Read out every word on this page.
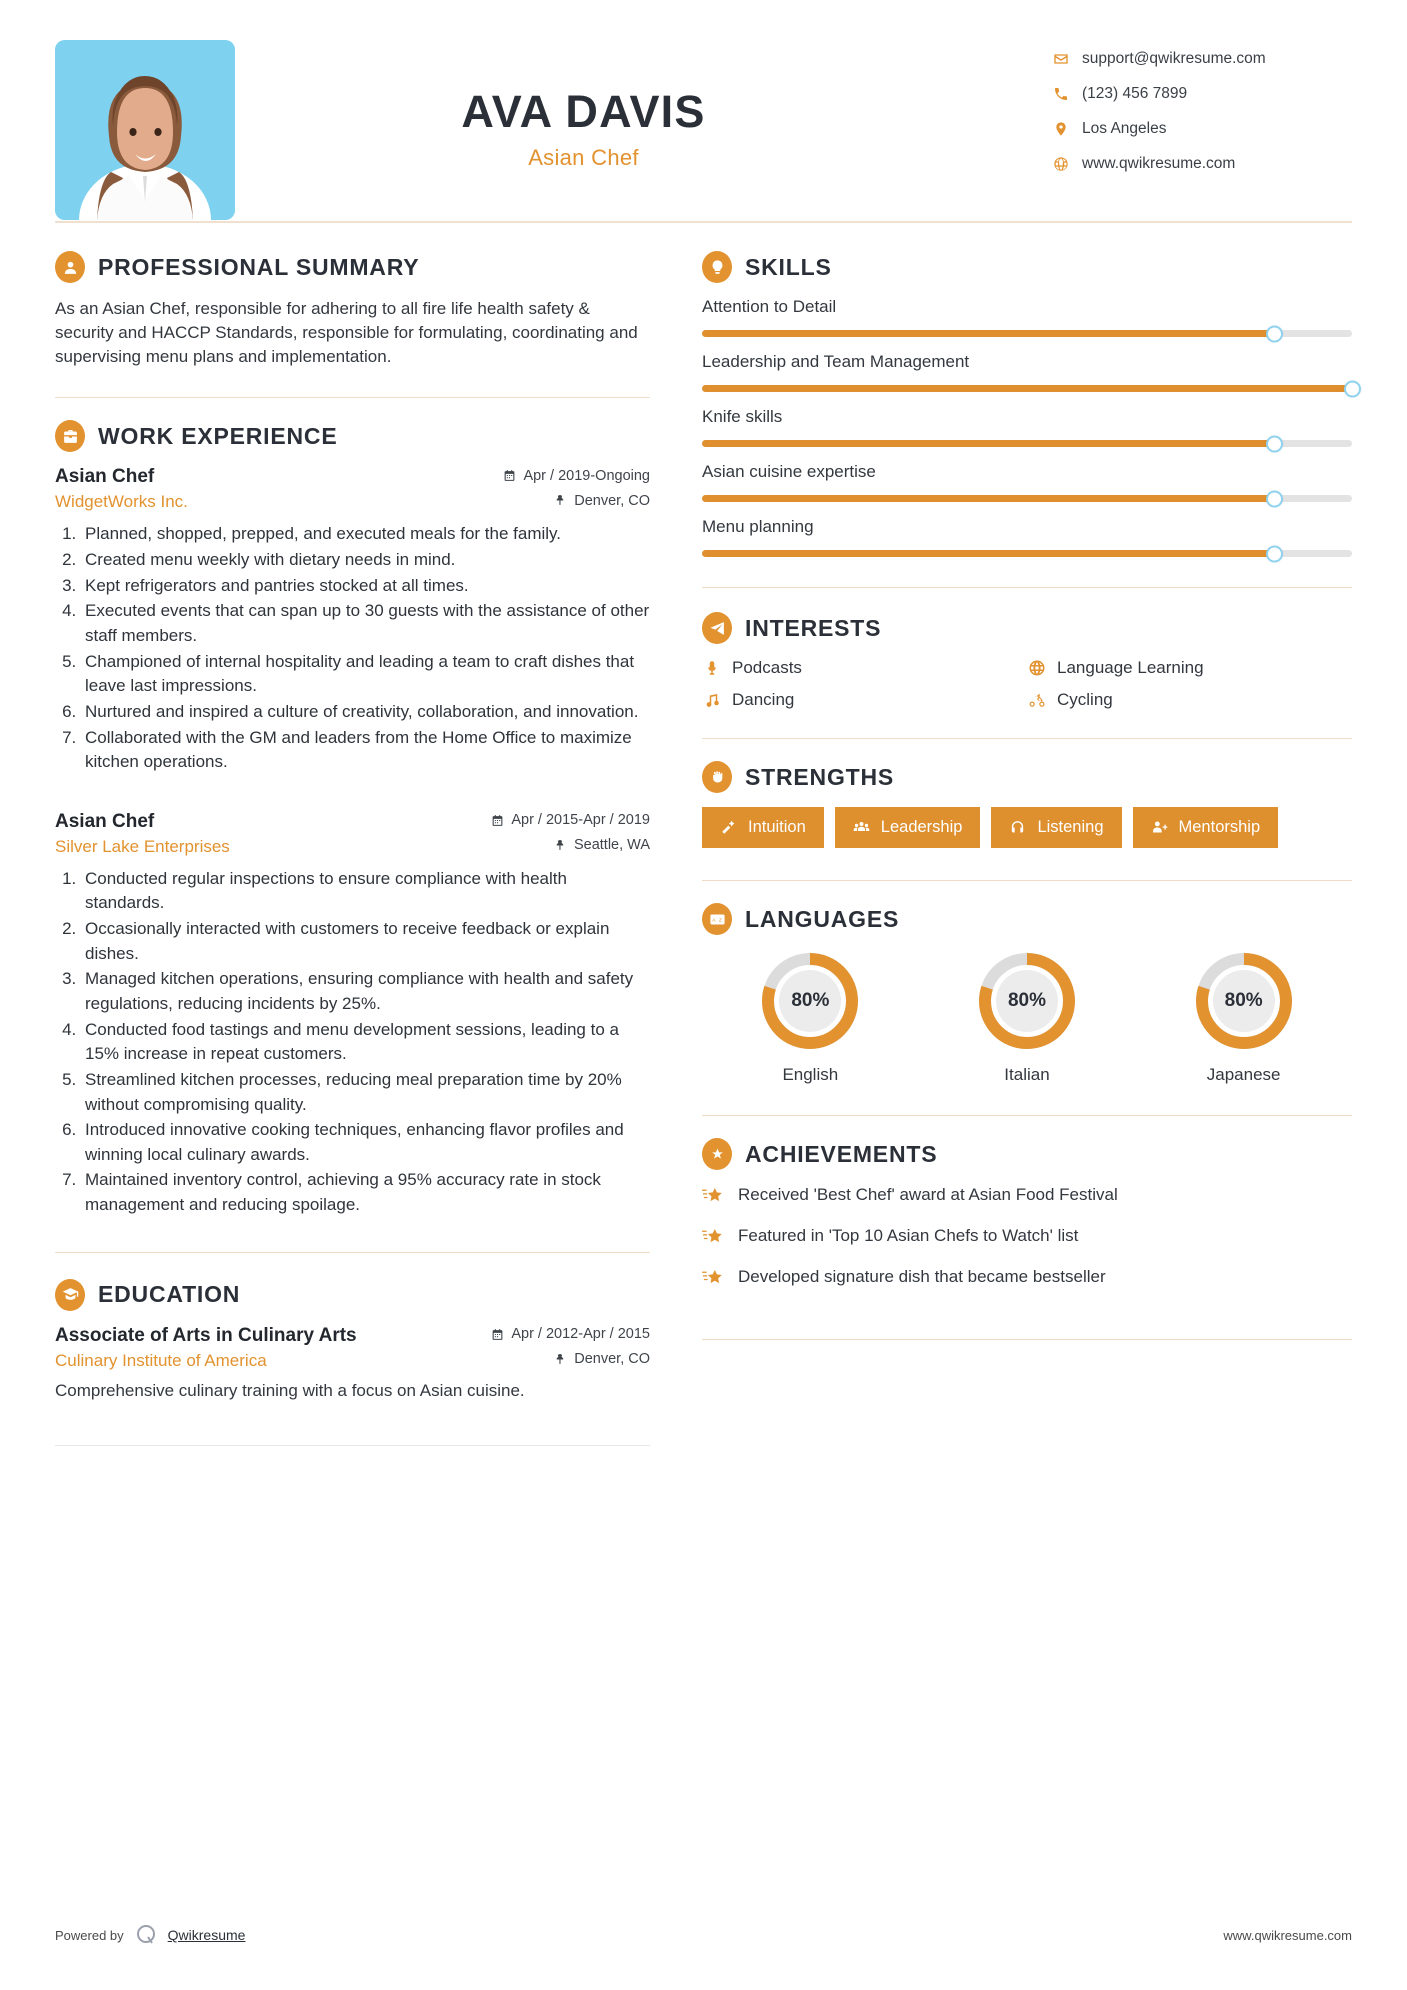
AVA DAVIS
Asian Chef
support@qwikresume.com
(123) 456 7899
Los Angeles
www.qwikresume.com
PROFESSIONAL SUMMARY
As an Asian Chef, responsible for adhering to all fire life health safety & security and HACCP Standards, responsible for formulating, coordinating and supervising menu plans and implementation.
WORK EXPERIENCE
Asian Chef	Apr / 2019-Ongoing
WidgetWorks Inc.	Denver, CO
1. Planned, shopped, prepped, and executed meals for the family.
2. Created menu weekly with dietary needs in mind.
3. Kept refrigerators and pantries stocked at all times.
4. Executed events that can span up to 30 guests with the assistance of other staff members.
5. Championed of internal hospitality and leading a team to craft dishes that leave last impressions.
6. Nurtured and inspired a culture of creativity, collaboration, and innovation.
7. Collaborated with the GM and leaders from the Home Office to maximize kitchen operations.
Asian Chef	Apr / 2015-Apr / 2019
Silver Lake Enterprises	Seattle, WA
1. Conducted regular inspections to ensure compliance with health standards.
2. Occasionally interacted with customers to receive feedback or explain dishes.
3. Managed kitchen operations, ensuring compliance with health and safety regulations, reducing incidents by 25%.
4. Conducted food tastings and menu development sessions, leading to a 15% increase in repeat customers.
5. Streamlined kitchen processes, reducing meal preparation time by 20% without compromising quality.
6. Introduced innovative cooking techniques, enhancing flavor profiles and winning local culinary awards.
7. Maintained inventory control, achieving a 95% accuracy rate in stock management and reducing spoilage.
EDUCATION
Associate of Arts in Culinary Arts	Apr / 2012-Apr / 2015
Culinary Institute of America	Denver, CO
Comprehensive culinary training with a focus on Asian cuisine.
SKILLS
Attention to Detail
Leadership and Team Management
Knife skills
Asian cuisine expertise
Menu planning
INTERESTS
Podcasts	Language Learning
Dancing	Cycling
STRENGTHS
Intuition	Leadership	Listening	Mentorship
A Z LANGUAGES
80%
English
80%
Italian
80%
Japanese
ACHIEVEMENTS
Received 'Best Chef' award at Asian Food Festival
Featured in 'Top 10 Asian Chefs to Watch' list
Developed signature dish that became bestseller
Powered by	Qwikresume	www.qwikresume.com
